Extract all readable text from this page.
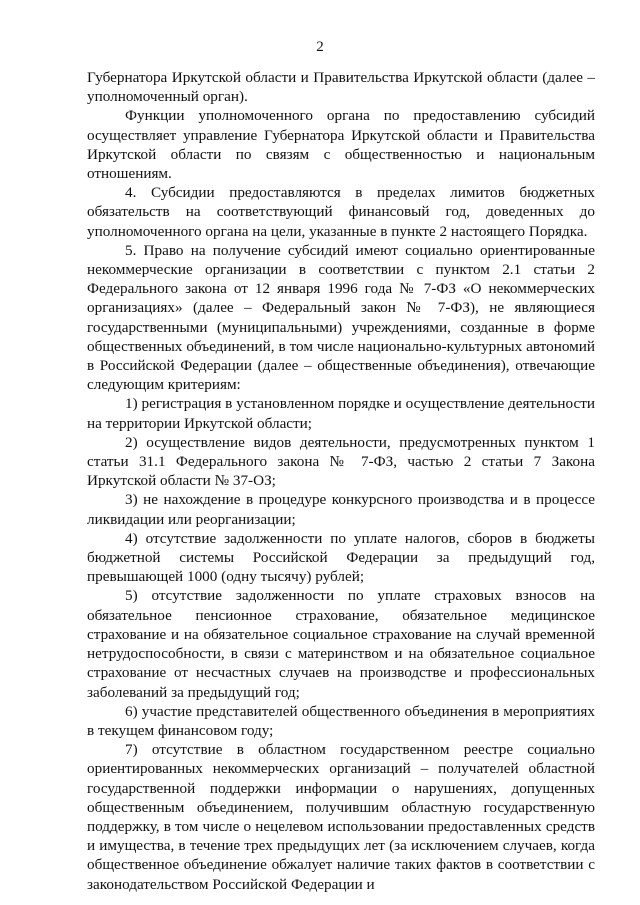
2

Губернатора Иркутской области и Правительства Иркутской области (далее – уполномоченный орган).

Функции уполномоченного органа по предоставлению субсидий осуществляет управление Губернатора Иркутской области и Правительства Иркутской области по связям с общественностью и национальным отношениям.

4. Субсидии предоставляются в пределах лимитов бюджетных обязательств на соответствующий финансовый год, доведенных до уполномоченного органа на цели, указанные в пункте 2 настоящего Порядка.

5. Право на получение субсидий имеют социально ориентированные некоммерческие организации в соответствии с пунктом 2.1 статьи 2 Федерального закона от 12 января 1996 года № 7-ФЗ «О некоммерческих организациях» (далее – Федеральный закон № 7-ФЗ), не являющиеся государственными (муниципальными) учреждениями, созданные в форме общественных объединений, в том числе национально-культурных автономий в Российской Федерации (далее – общественные объединения), отвечающие следующим критериям:

1) регистрация в установленном порядке и осуществление деятельности на территории Иркутской области;

2) осуществление видов деятельности, предусмотренных пунктом 1 статьи 31.1 Федерального закона № 7-ФЗ, частью 2 статьи 7 Закона Иркутской области № 37-ОЗ;

3) не нахождение в процедуре конкурсного производства и в процессе ликвидации или реорганизации;

4) отсутствие задолженности по уплате налогов, сборов в бюджеты бюджетной системы Российской Федерации за предыдущий год, превышающей 1000 (одну тысячу) рублей;

5) отсутствие задолженности по уплате страховых взносов на обязательное пенсионное страхование, обязательное медицинское страхование и на обязательное социальное страхование на случай временной нетрудоспособности, в связи с материнством и на обязательное социальное страхование от несчастных случаев на производстве и профессиональных заболеваний за предыдущий год;

6) участие представителей общественного объединения в мероприятиях в текущем финансовом году;

7) отсутствие в областном государственном реестре социально ориентированных некоммерческих организаций – получателей областной государственной поддержки информации о нарушениях, допущенных общественным объединением, получившим областную государственную поддержку, в том числе о нецелевом использовании предоставленных средств и имущества, в течение трех предыдущих лет (за исключением случаев, когда общественное объединение обжалует наличие таких фактов в соответствии с законодательством Российской Федерации и
